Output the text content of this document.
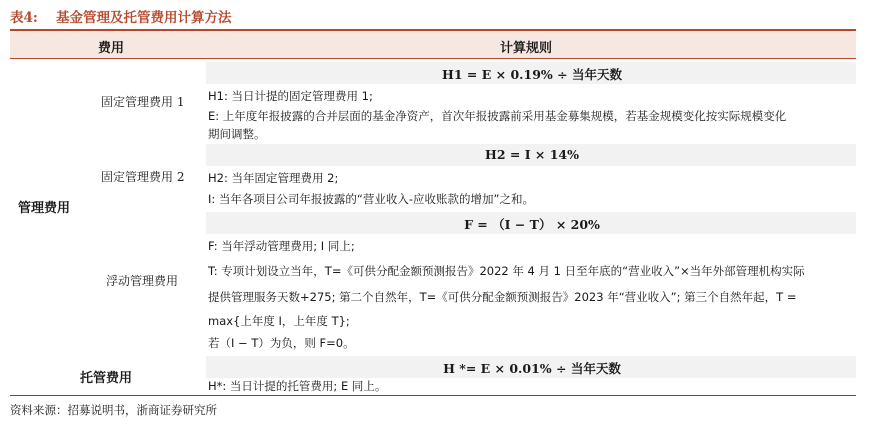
表4: 基金管理及托管费用计算方法
费用	计算规则
管理费用
托管费用
固定管理费用 1
固定管理费用 2
浮动管理费用
H1 = E × 0.19% ÷ 当年天数
H1: 当日计提的固定管理费用 1;
E: 上年度年报披露的合并层面的基金净资产，首次年报披露前采用基金募集规模，若基金规模变化按实际规模变化
期间调整。
H2 = I × 14%
H2: 当年固定管理费用 2;
I: 当年各项目公司年报披露的“营业收入-应收账款的增加”之和。
F = （I − T） × 20%
F: 当年浮动管理费用; I 同上;
T: 专项计划设立当年，T=《可供分配金额预测报告》2022 年 4 月 1 日至年底的“营业收入”×当年外部管理机构实际
提供管理服务天数+275; 第二个自然年，T=《可供分配金额预测报告》2023 年“营业收入”; 第三个自然年起，T =
max{上年度 I，上年度 T};
若（I − T）为负，则 F=0。
H *= E × 0.01% ÷ 当年天数
H*: 当日计提的托管费用; E 同上。
资料来源：招募说明书，浙商证券研究所
